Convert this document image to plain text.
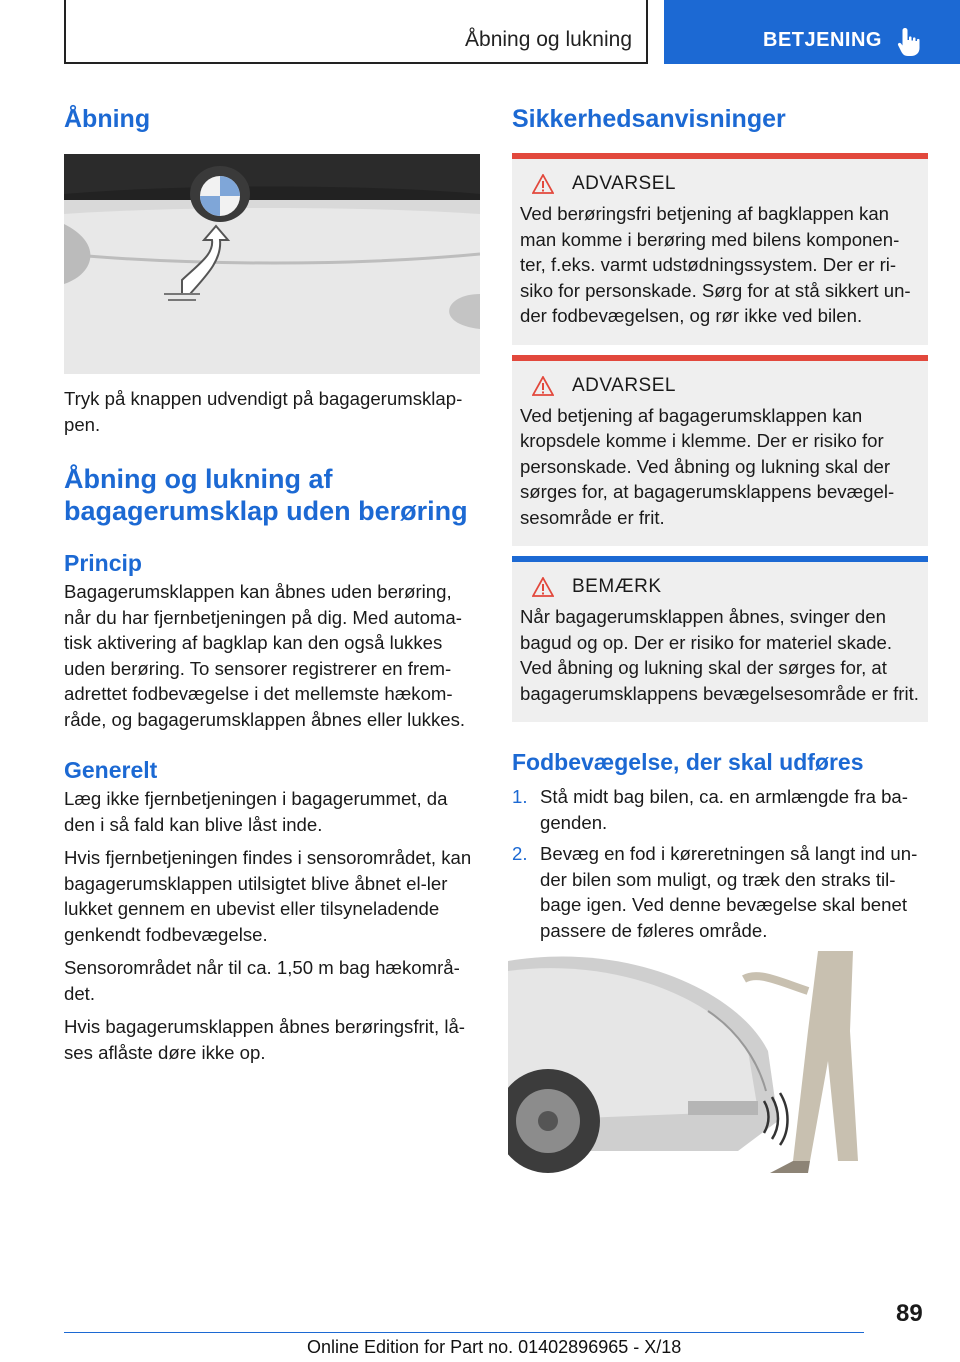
Åbning og lukning	BETJENING
Åbning

Tryk på knappen udvendigt på bagagerumsklap-pen.

Åbning og lukning af bagagerumsklap uden berøring
Princip

Bagagerumsklappen kan åbnes uden berøring, når du har fjernbetjeningen på dig. Med automa-tisk aktivering af bagklap kan den også lukkes uden berøring. To sensorer registrerer en frem-adrettet fodbevægelse i det mellemste hækom-råde, og bagagerumsklappen åbnes eller lukkes.

Generelt

Læg ikke fjernbetjeningen i bagagerummet, da den i så fald kan blive låst inde.

Hvis fjernbetjeningen findes i sensorområdet, kan bagagerumsklappen utilsigtet blive åbnet el-ler lukket gennem en ubevist eller tilsyneladende genkendt fodbevægelse.

Sensorområdet når til ca. 1,50 m bag hækområ-det.

Hvis bagagerumsklappen åbnes berøringsfrit, lå-ses aflåste døre ikke op.

Sikkerhedsanvisninger
ADVARSEL

Ved berøringsfri betjening af bagklappen kan man komme i berøring med bilens komponen-ter, f.eks. varmt udstødningssystem. Der er ri-siko for personskade. Sørg for at stå sikkert un-der fodbevægelsen, og rør ikke ved bilen.

ADVARSEL

Ved betjening af bagagerumsklappen kan kropsdele komme i klemme. Der er risiko for personskade. Ved åbning og lukning skal der sørges for, at bagagerumsklappens bevægel-sesområde er frit.

BEMÆRK

Når bagagerumsklappen åbnes, svinger den bagud og op. Der er risiko for materiel skade. Ved åbning og lukning skal der sørges for, at bagagerumsklappens bevægelsesområde er frit.

Fodbevægelse, der skal udføres
1. Stå midt bag bilen, ca. en armlængde fra ba-genden.
2. Bevæg en fod i køreretningen så langt ind un-der bilen som muligt, og træk den straks til-bage igen. Ved denne bevægelse skal benet passere de føleres område.
89
Online Edition for Part no. 01402896965 - X/18
